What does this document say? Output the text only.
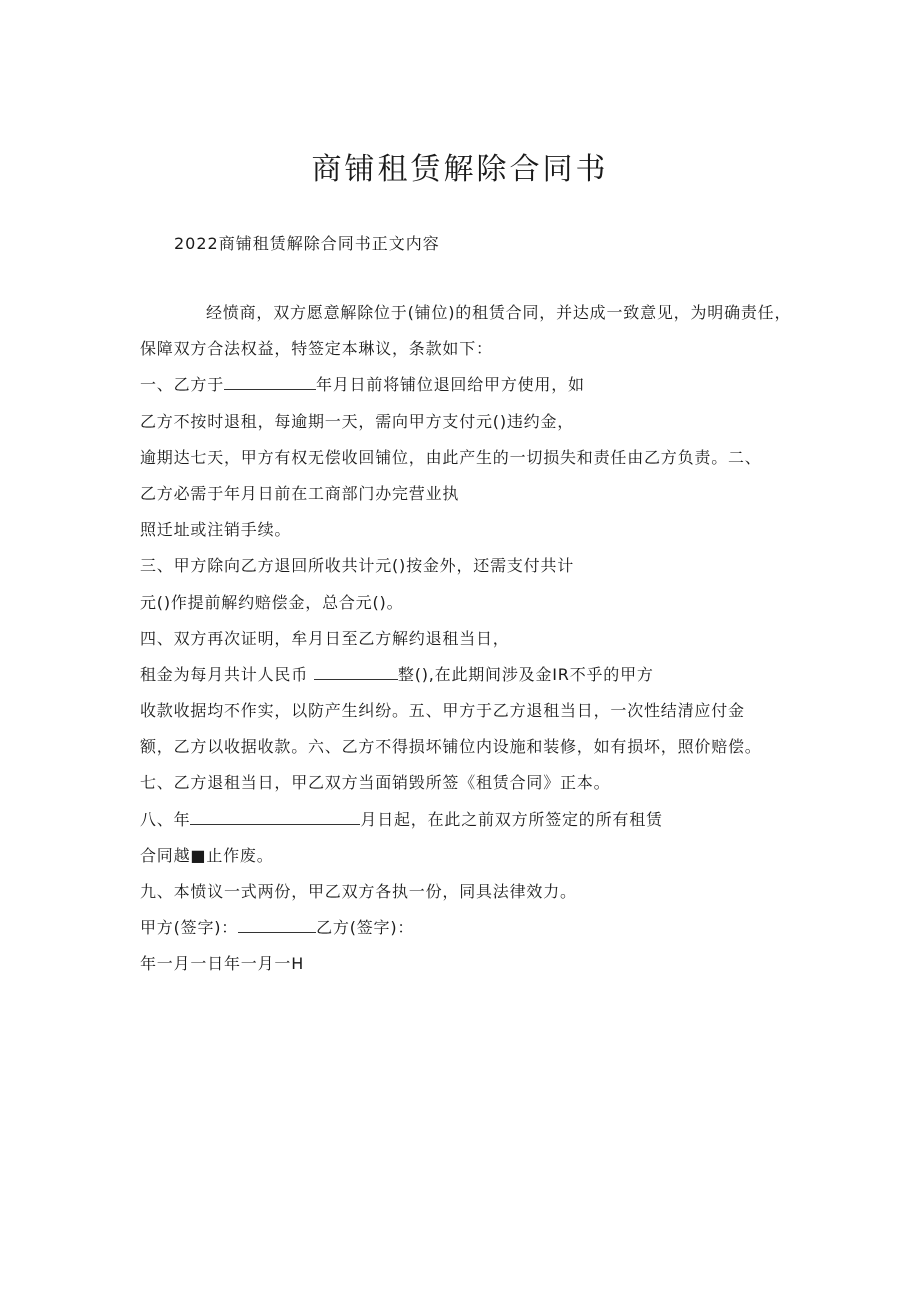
商铺租赁解除合同书

2022商铺租赁解除合同书正文内容

经愤商，双方愿意解除位于(铺位)的租赁合同，并达成一致意见，为明确责任，

保障双方合法权益，特签定本琳议，条款如下：

一、乙方于	年月日前将铺位退回给甲方使用，如

乙方不按时退租，每逾期一天，需向甲方支付元()违约金，

逾期达七天，甲方有权无偿收回铺位，由此产生的一切损失和责任由乙方负责。二、

乙方必需于年月日前在工商部门办完营业执

照迁址或注销手续。

三、甲方除向乙方退回所收共计元()按金外，还需支付共计

元()作提前解约赔偿金，总合元()。

四、双方再次证明，牟月日至乙方解约退租当日，

租金为每月共计人民币	整(),在此期间涉及金IR不乎的甲方

收款收据均不作实，以防产生纠纷。五、甲方于乙方退租当日，一次性结清应付金

额，乙方以收据收款。六、乙方不得损坏铺位内设施和装修，如有损坏，照价赔偿。

七、乙方退租当日，甲乙双方当面销毁所签《租赁合同》正本。

八、年	月日起，在此之前双方所签定的所有租赁

合同越■止作废。

九、本愤议一式两份，甲乙双方各执一份，同具法律效力。

甲方(签字)：	乙方(签字)：

年一月一日年一月一H
